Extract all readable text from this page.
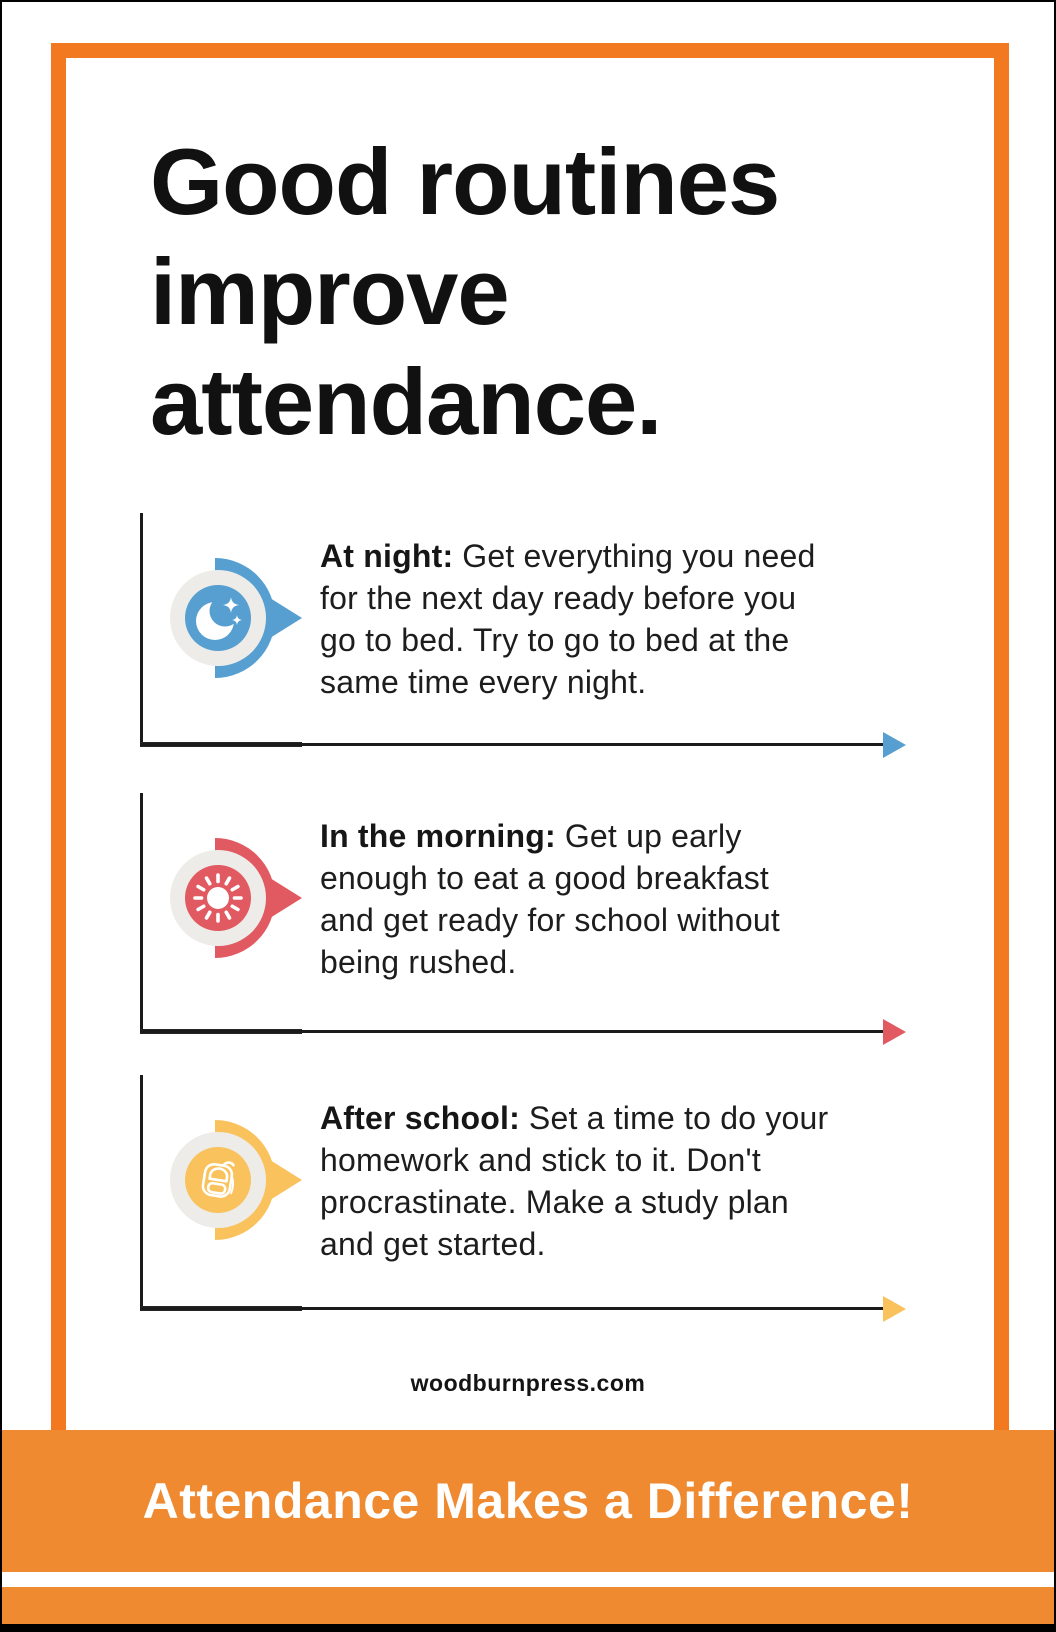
Good routines
improve
attendance.
At night: Get everything you need
for the next day ready before you
go to bed. Try to go to bed at the
same time every night.
In the morning: Get up early
enough to eat a good breakfast
and get ready for school without
being rushed.
After school: Set a time to do your
homework and stick to it. Don't
procrastinate. Make a study plan
and get started.
woodburnpress.com
Attendance Makes a Difference!
